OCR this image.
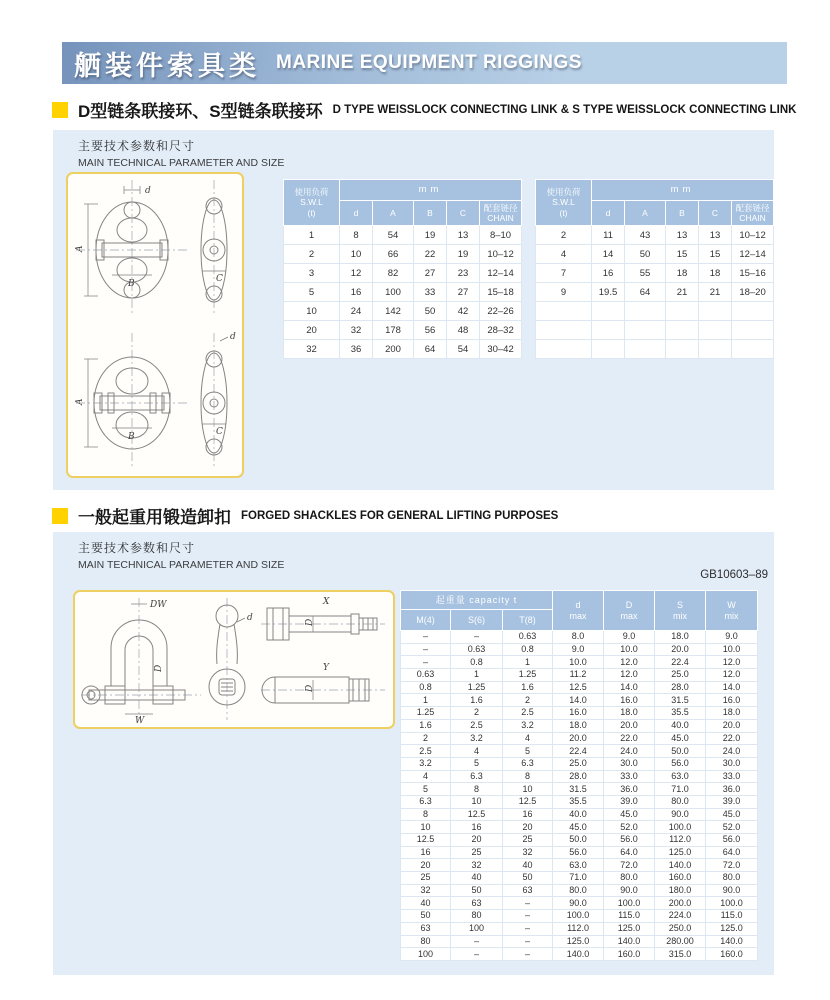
舾装件索具类 MARINE EQUIPMENT RIGGINGS
D型链条联接环、S型链条联接环 D TYPE WEISSLOCK CONNECTING LINK & S TYPE WEISSLOCK CONNECTING LINK
主要技术参数和尺寸
MAIN TECHNICAL PARAMETER AND SIZE
d
A
B	C

A
B
d
C
使用负荷
S.W.L
(t)	mm				
	d	A	B	C	配套链径
CHAIN

1	8	54	19	13	8–10
2	10	66	22	19	10–12
3	12	82	27	23	12–14
5	16	100	33	27	15–18
10	24	142	50	42	22–26
20	32	178	56	48	28–32
32	36	200	64	54	30–42
使用负荷
S.W.L
(t)	mm				
	d	A	B	C	配套链径
CHAIN

2	11	43	13	13	10–12
4	14	50	15	15	12–14
7	16	55	18	18	15–16
9	19.5	64	21	21	18–20

一般起重用锻造卸扣 FORGED SHACKLES FOR GENERAL LIFTING PURPOSES
主要技术参数和尺寸
MAIN TECHNICAL PARAMETER AND SIZE
GB10603–89
DW
D
W
d
X
D
Y
D
起重量 capacity t	
d
max

D
max

S
mix

W
mix

M(4)	S(6)	T(8)				
–	–	0.63	8.0	9.0	18.0	9.0
–	0.63	0.8	9.0	10.0	20.0	10.0
–	0.8	1	10.0	12.0	22.4	12.0
0.63	1	1.25	11.2	12.0	25.0	12.0
0.8	1.25	1.6	12.5	14.0	28.0	14.0
1	1.6	2	14.0	16.0	31.5	16.0
1.25	2	2.5	16.0	18.0	35.5	18.0
1.6	2.5	3.2	18.0	20.0	40.0	20.0
2	3.2	4	20.0	22.0	45.0	22.0
2.5	4	5	22.4	24.0	50.0	24.0
3.2	5	6.3	25.0	30.0	56.0	30.0
4	6.3	8	28.0	33.0	63.0	33.0
5	8	10	31.5	36.0	71.0	36.0
6.3	10	12.5	35.5	39.0	80.0	39.0
8	12.5	16	40.0	45.0	90.0	45.0
10	16	20	45.0	52.0	100.0	52.0
12.5	20	25	50.0	56.0	112.0	56.0
16	25	32	56.0	64.0	125.0	64.0
20	32	40	63.0	72.0	140.0	72.0
25	40	50	71.0	80.0	160.0	80.0
32	50	63	80.0	90.0	180.0	90.0
40	63	–	90.0	100.0	200.0	100.0
50	80	–	100.0	115.0	224.0	115.0
63	100	–	112.0	125.0	250.0	125.0
80	–	–	125.0	140.0	280.00	140.0
100	–	–	140.0	160.0	315.0	160.0
